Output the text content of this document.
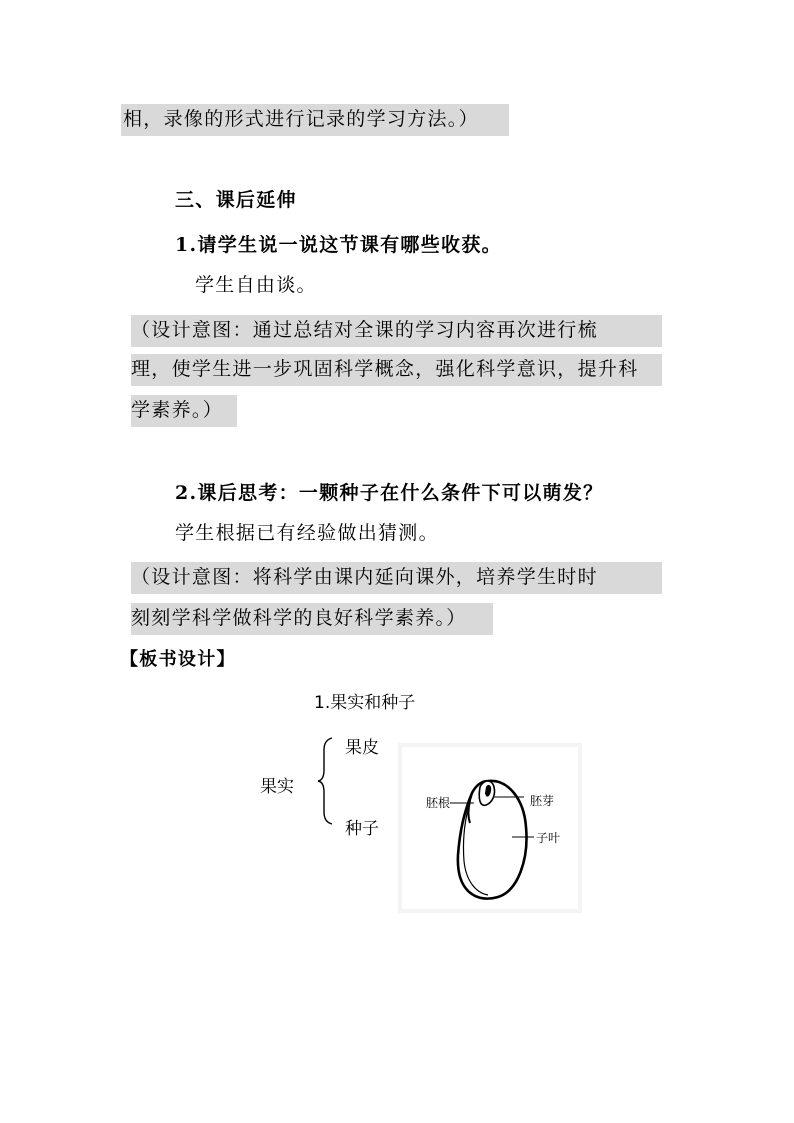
相，录像的形式进行记录的学习方法。）
三、课后延伸
1.请学生说一说这节课有哪些收获。
学生自由谈。
（设计意图：通过总结对全课的学习内容再次进行梳
理，使学生进一步巩固科学概念，强化科学意识，提升科
学素养。）
2.课后思考：一颗种子在什么条件下可以萌发？
学生根据已有经验做出猜测。
（设计意图：将科学由课内延向课外，培养学生时时
刻刻学科学做科学的良好科学素养。）
【板书设计】
1.果实和种子
果实
果皮
种子
胚根	胚芽
子叶
